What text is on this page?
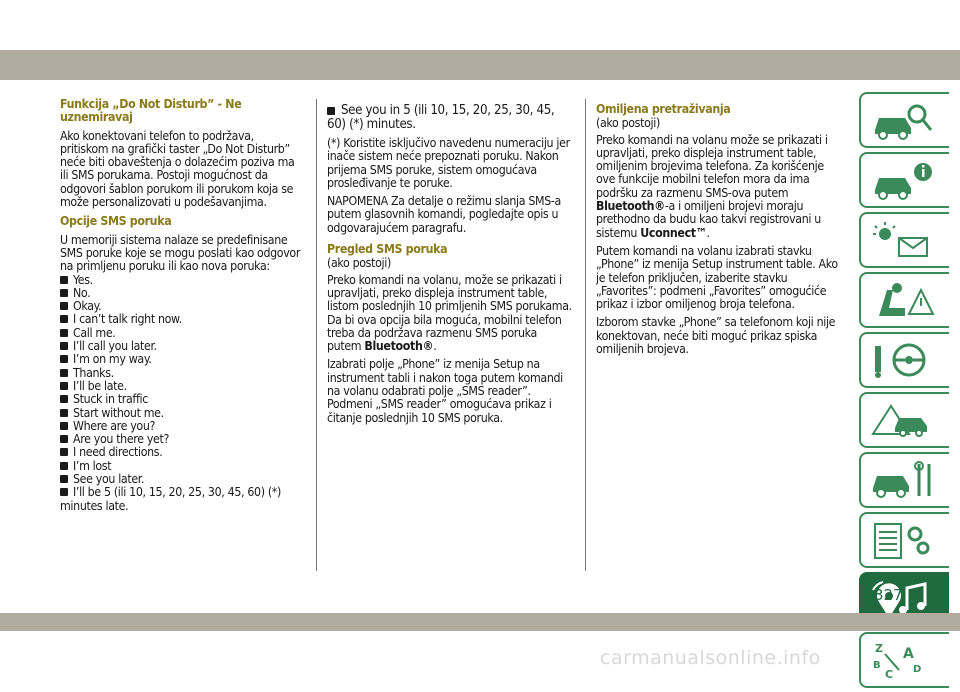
Funkcija „Do Not Disturb” - Ne uznemiravaj

Ako konektovani telefon to podržava, pritiskom na grafički taster „Do Not Disturb” neće biti obaveštenja o dolazećim poziva ma ili SMS porukama. Postoji mogućnost da odgovori šablon porukom ili porukom koja se može personalizovati u podešavanjima.

Opcije SMS poruka

U memoriji sistema nalaze se predefinisane SMS poruke koje se mogu poslati kao odgovor na primljenu poruku ili kao nova poruka:

Yes.
No.
Okay.
I can’t talk right now.
Call me.
I’ll call you later.
I’m on my way.
Thanks.
I’ll be late.
Stuck in traffic
Start without me.
Where are you?
Are you there yet?
I need directions.
I’m lost
See you later.
I’ll be 5 (ili 10, 15, 20, 25, 30, 45, 60) (*) minutes late.
See you in 5 (ili 10, 15, 20, 25, 30, 45, 60) (*) minutes.

(*) Koristite isključivo navedenu numeraciju jer inače sistem neće prepoznati poruku. Nakon prijema SMS poruke, sistem omogućava prosleđivanje te poruke.

NAPOMENA Za detalje o režimu slanja SMS-a putem glasovnih komandi, pogledajte opis u odgovarajućem paragrafu.

Pregled SMS poruka

(ako postoji)

Preko komandi na volanu, može se prikazati i upravljati, preko displeja instrument table, listom poslednjih 10 primljenih SMS porukama. Da bi ova opcija bila moguća, mobilni telefon treba da podržava razmenu SMS poruka putem Bluetooth®.

Izabrati polje „Phone” iz menija Setup na instrument tabli i nakon toga putem komandi na volanu odabrati polje „SMS reader”. Podmeni „SMS reader” omogućava prikaz i čitanje poslednjih 10 SMS poruka.

Omiljena pretraživanja

(ako postoji)

Preko komandi na volanu može se prikazati i upravljati, preko displeja instrument table, omiljenim brojevima telefona. Za korišćenje ove funkcije mobilni telefon mora da ima podršku za razmenu SMS-ova putem Bluetooth®-a i omiljeni brojevi moraju prethodno da budu kao takvi registrovani u sistemu Uconnect™.

Putem komandi na volanu izabrati stavku „Phone” iz menija Setup instrument table. Ako je telefon priključen, izaberite stavku „Favorites”: podmeni „Favorites” omogućiće prikaz i izbor omiljenog broja telefona.

Izborom stavke „Phone” sa telefonom koji nije konektovan, neće biti moguć prikaz spiska omiljenih brojeva.

Z A
B
C D
327
carmanualsonline.info
